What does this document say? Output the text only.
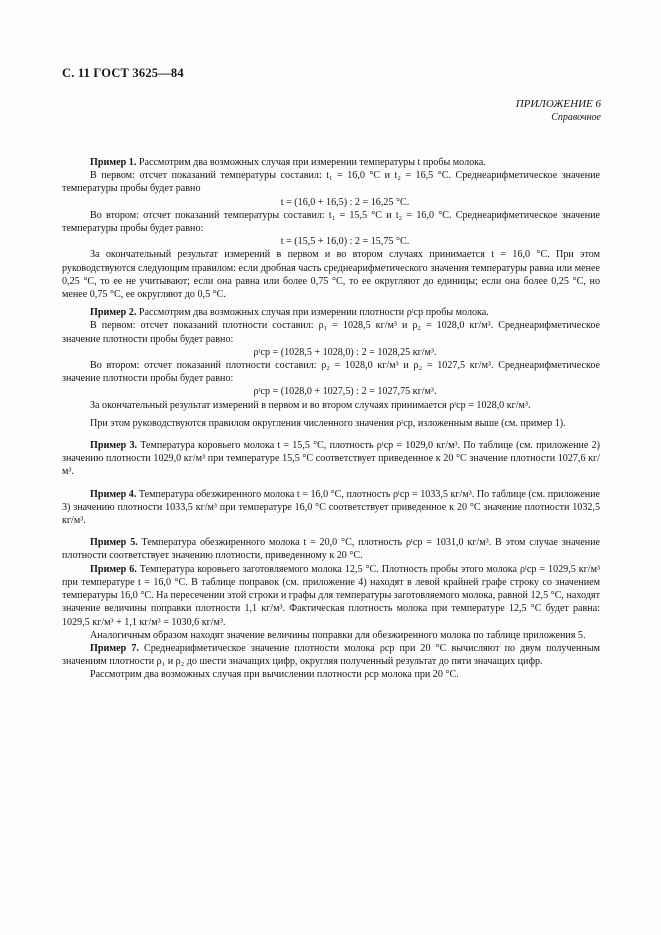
С. 11 ГОСТ 3625—84
ПРИЛОЖЕНИЕ 6
Справочное

Пример 1. Рассмотрим два возможных случая при измерении температуры t пробы молока.

В первом: отсчет показаний температуры составил: t₁ = 16,0 °С и t₂ = 16,5 °С. Среднеарифметическое значение температуры пробы будет равно

t = (16,0 + 16,5) : 2 = 16,25 °С.

Во втором: отсчет показаний температуры составил: t₁ = 15,5 °С и t₂ = 16,0 °С. Среднеарифметическое значение температуры пробы будет равно:

t = (15,5 + 16,0) : 2 = 15,75 °С.

За окончательный результат измерений в первом и во втором случаях принимается t = 16,0 °С. При этом руководствуются следующим правилом: если дробная часть среднеарифметического значения температуры равна или менее 0,25 °С, то ее не учитывают; если она равна или более 0,75 °С, то ее округляют до единицы; если она более 0,25 °С, но менее 0,75 °С, ее округляют до 0,5 °С.

Пример 2. Рассмотрим два возможных случая при измерении плотности ρᵗср пробы молока.

В первом: отсчет показаний плотности составил: ρ₁ = 1028,5 кг/м³ и ρ₂ = 1028,0 кг/м³. Среднеарифметическое значение плотности пробы будет равно:

ρᵗср = (1028,5 + 1028,0) : 2 = 1028,25 кг/м³.

Во втором: отсчет показаний плотности составил: ρ₂ = 1028,0 кг/м³ и ρ₂ = 1027,5 кг/м³. Среднеарифметическое значение плотности пробы будет равно:

ρᵗср = (1028,0 + 1027,5) : 2 = 1027,75 кг/м³.

За окончательный результат измерений в первом и во втором случаях принимается ρᵗср = 1028,0 кг/м³.

При этом руководствуются правилом округления численного значения ρᵗср, изложенным выше (см. пример 1).

Пример 3. Температура коровьего молока t = 15,5 °С, плотность ρᵗср = 1029,0 кг/м³. По таблице (см. приложение 2) значению плотности 1029,0 кг/м³ при температуре 15,5 °С соответствует приведенное к 20 °С значение плотности 1027,6 кг/м³.

Пример 4. Температура обезжиренного молока t = 16,0 °С, плотность ρᵗср = 1033,5 кг/м³. По таблице (см. приложение 3) значению плотности 1033,5 кг/м³ при температуре 16,0 °С соответствует приведенное к 20 °С значение плотности 1032,5 кг/м³.

Пример 5. Температура обезжиренного молока t = 20,0 °С, плотность ρᵗср = 1031,0 кг/м³. В этом случае значение плотности соответствует значению плотности, приведенному к 20 °С.

Пример 6. Температура коровьего заготовляемого молока 12,5 °С. Плотность пробы этого молока ρᵗср = 1029,5 кг/м³ при температуре t = 16,0 °С. В таблице поправок (см. приложение 4) находят в левой крайней графе строку со значением температуры 16,0 °С. На пересечении этой строки и графы для температуры заготовляемого молока, равной 12,5 °С, находят значение величины поправки плотности 1,1 кг/м³. Фактическая плотность молока при температуре 12,5 °С будет равна: 1029,5 кг/м³ + 1,1 кг/м³ = 1030,6 кг/м³.

Аналогичным образом находят значение величины поправки для обезжиренного молока по таблице приложения 5.

Пример 7. Среднеарифметическое значение плотности молока ρср при 20 °С вычисляют по двум полученным значениям плотности ρ₁ и ρ₂ до шести значащих цифр, округляя полученный результат до пяти значащих цифр.

Рассмотрим два возможных случая при вычислении плотности ρср молока при 20 °С.
